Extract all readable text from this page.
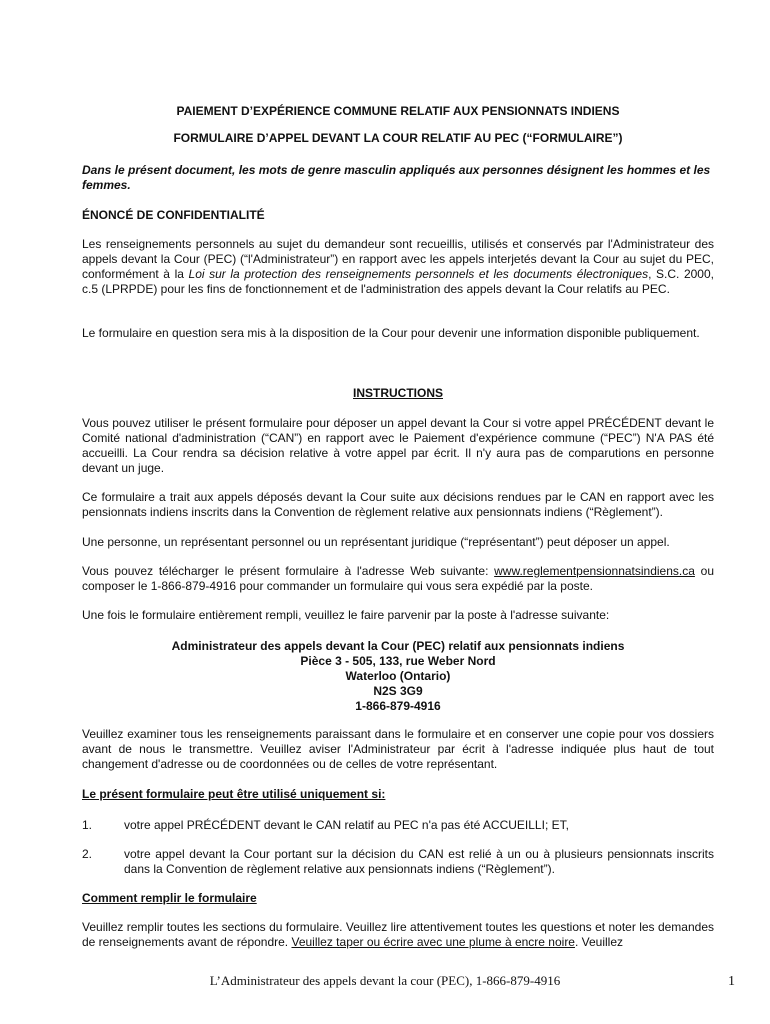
PAIEMENT D’EXPÉRIENCE COMMUNE RELATIF AUX PENSIONNATS INDIENS

FORMULAIRE D’APPEL DEVANT LA COUR RELATIF AU PEC (“FORMULAIRE”)

Dans le présent document, les mots de genre masculin appliqués aux personnes désignent les hommes et les femmes.

ÉNONCÉ DE CONFIDENTIALITÉ

Les renseignements personnels au sujet du demandeur sont recueillis, utilisés et conservés par l'Administrateur des appels devant la Cour (PEC) (“l'Administrateur”) en rapport avec les appels interjetés devant la Cour au sujet du PEC, conformément à la Loi sur la protection des renseignements personnels et les documents électroniques, S.C. 2000, c.5 (LPRPDE) pour les fins de fonctionnement et de l'administration des appels devant la Cour relatifs au PEC.

Le formulaire en question sera mis à la disposition de la Cour pour devenir une information disponible publiquement.

INSTRUCTIONS

Vous pouvez utiliser le présent formulaire pour déposer un appel devant la Cour si votre appel PRÉCÉDENT devant le Comité national d'administration (“CAN”) en rapport avec le Paiement d'expérience commune (“PEC”) N'A PAS été accueilli. La Cour rendra sa décision relative à votre appel par écrit. Il n'y aura pas de comparutions en personne devant un juge.

Ce formulaire a trait aux appels déposés devant la Cour suite aux décisions rendues par le CAN en rapport avec les pensionnats indiens inscrits dans la Convention de règlement relative aux pensionnats indiens (“Règlement”).

Une personne, un représentant personnel ou un représentant juridique (“représentant”) peut déposer un appel.

Vous pouvez télécharger le présent formulaire à l'adresse Web suivante: www.reglementpensionnatsindiens.ca ou composer le 1-866-879-4916 pour commander un formulaire qui vous sera expédié par la poste.

Une fois le formulaire entièrement rempli, veuillez le faire parvenir par la poste à l'adresse suivante:

Administrateur des appels devant la Cour (PEC) relatif aux pensionnats indiens
Pièce 3 - 505, 133, rue Weber Nord
Waterloo (Ontario)
N2S 3G9
1-866-879-4916

Veuillez examiner tous les renseignements paraissant dans le formulaire et en conserver une copie pour vos dossiers avant de nous le transmettre. Veuillez aviser l'Administrateur par écrit à l'adresse indiquée plus haut de tout changement d'adresse ou de coordonnées ou de celles de votre représentant.

Le présent formulaire peut être utilisé uniquement si:

1.	votre appel PRÉCÉDENT devant le CAN relatif au PEC n'a pas été ACCUEILLI; ET,
2.	votre appel devant la Cour portant sur la décision du CAN est relié à un ou à plusieurs pensionnats inscrits dans la Convention de règlement relative aux pensionnats indiens (“Règlement”).

Comment remplir le formulaire

Veuillez remplir toutes les sections du formulaire. Veuillez lire attentivement toutes les questions et noter les demandes de renseignements avant de répondre. Veuillez taper ou écrire avec une plume à encre noire. Veuillez

L’Administrateur des appels devant la cour (PEC), 1-866-879-4916	1
